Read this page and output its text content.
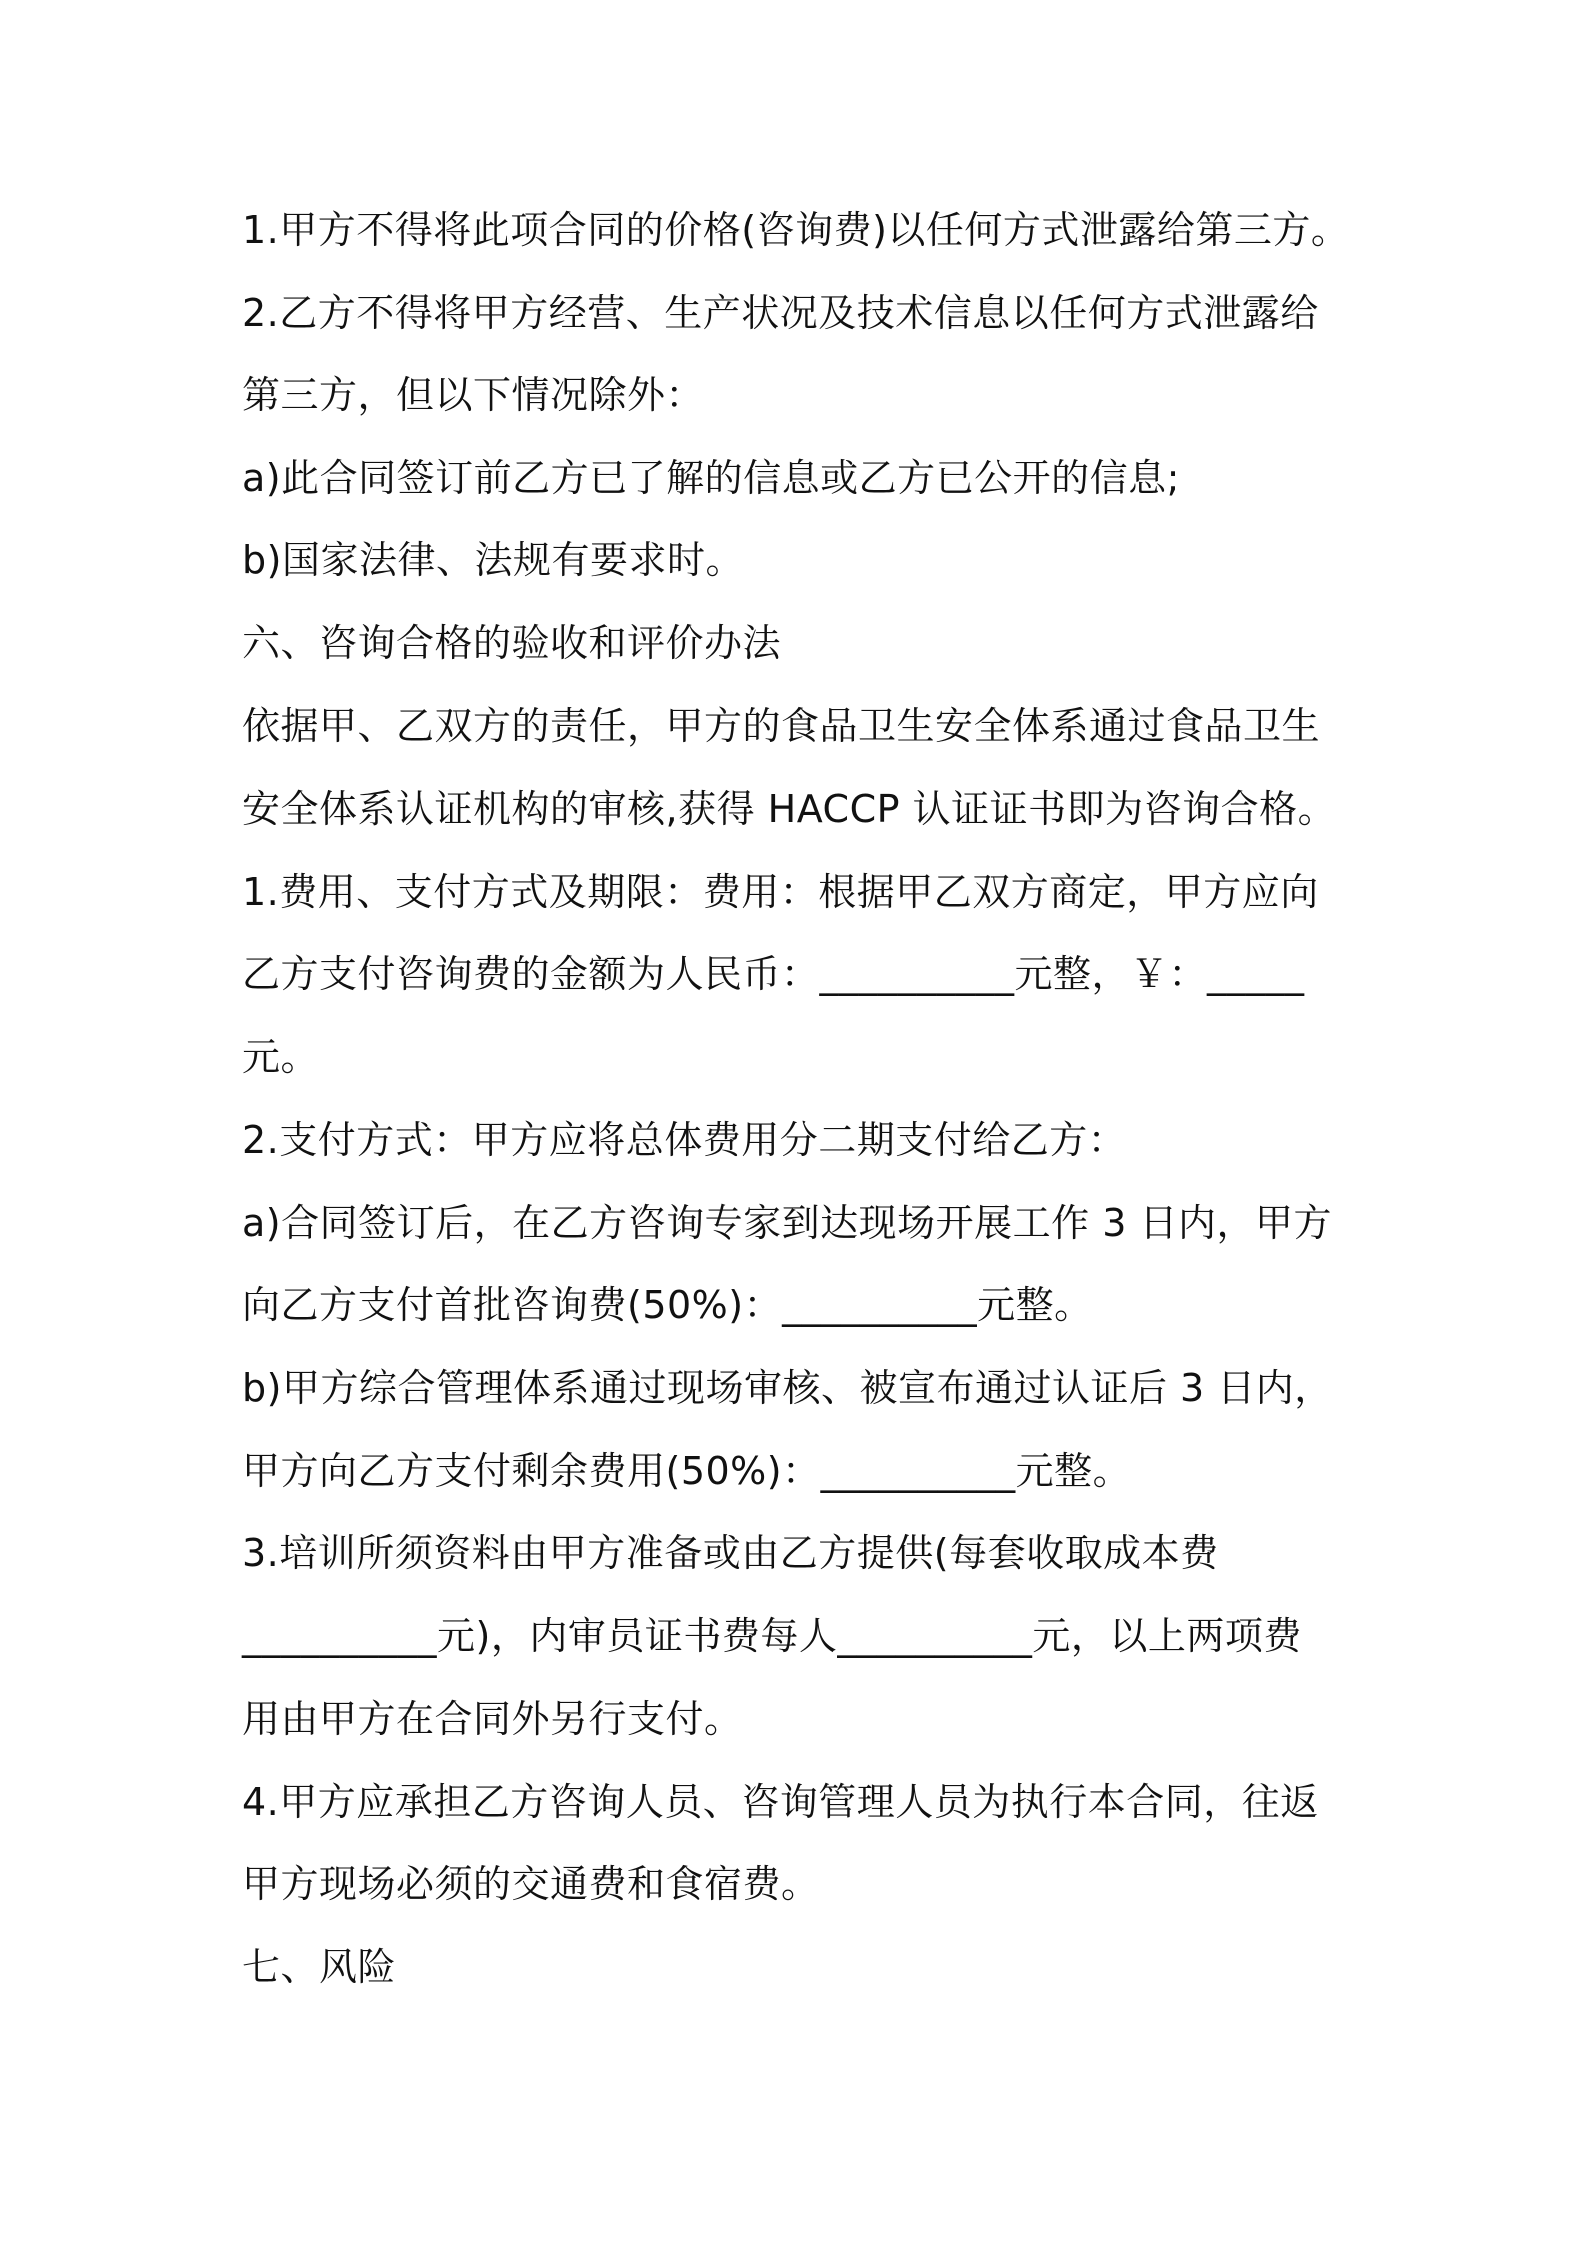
1.甲方不得将此项合同的价格(咨询费)以任何方式泄露给第三方。
2.乙方不得将甲方经营、生产状况及技术信息以任何方式泄露给
第三方，但以下情况除外：
a)此合同签订前乙方已了解的信息或乙方已公开的信息;
b)国家法律、法规有要求时。
六、咨询合格的验收和评价办法
依据甲、乙双方的责任，甲方的食品卫生安全体系通过食品卫生
安全体系认证机构的审核,获得 HACCP 认证证书即为咨询合格。
1.费用、支付方式及期限：费用：根据甲乙双方商定，甲方应向
乙方支付咨询费的金额为人民币：__________元整，￥：_____
元。
2.支付方式：甲方应将总体费用分二期支付给乙方：
a)合同签订后，在乙方咨询专家到达现场开展工作 3 日内，甲方
向乙方支付首批咨询费(50%)：__________元整。
b)甲方综合管理体系通过现场审核、被宣布通过认证后 3 日内，
甲方向乙方支付剩余费用(50%)：__________元整。
3.培训所须资料由甲方准备或由乙方提供(每套收取成本费
__________元)，内审员证书费每人__________元，以上两项费
用由甲方在合同外另行支付。
4.甲方应承担乙方咨询人员、咨询管理人员为执行本合同，往返
甲方现场必须的交通费和食宿费。
七、风险
